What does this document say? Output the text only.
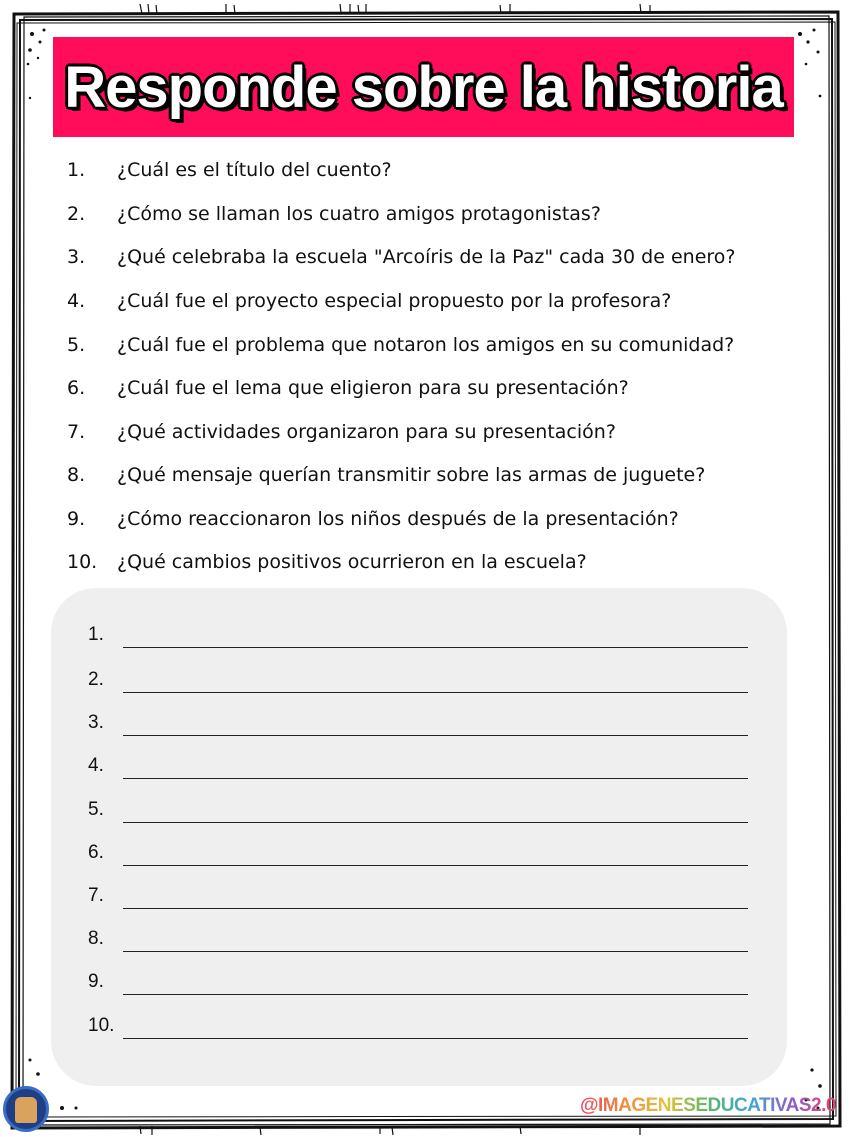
Responde sobre la historia
1.	¿Cuál es el título del cuento?
2.	¿Cómo se llaman los cuatro amigos protagonistas?
3.	¿Qué celebraba la escuela "Arcoíris de la Paz" cada 30 de enero?
4.	¿Cuál fue el proyecto especial propuesto por la profesora?
5.	¿Cuál fue el problema que notaron los amigos en su comunidad?
6.	¿Cuál fue el lema que eligieron para su presentación?
7.	¿Qué actividades organizaron para su presentación?
8.	¿Qué mensaje querían transmitir sobre las armas de juguete?
9.	¿Cómo reaccionaron los niños después de la presentación?
10.	¿Qué cambios positivos ocurrieron en la escuela?
1.
2.
3.
4.
5.
6.
7.
8.
9.
10.
@IMAGENESEDUCATIVAS2.0
